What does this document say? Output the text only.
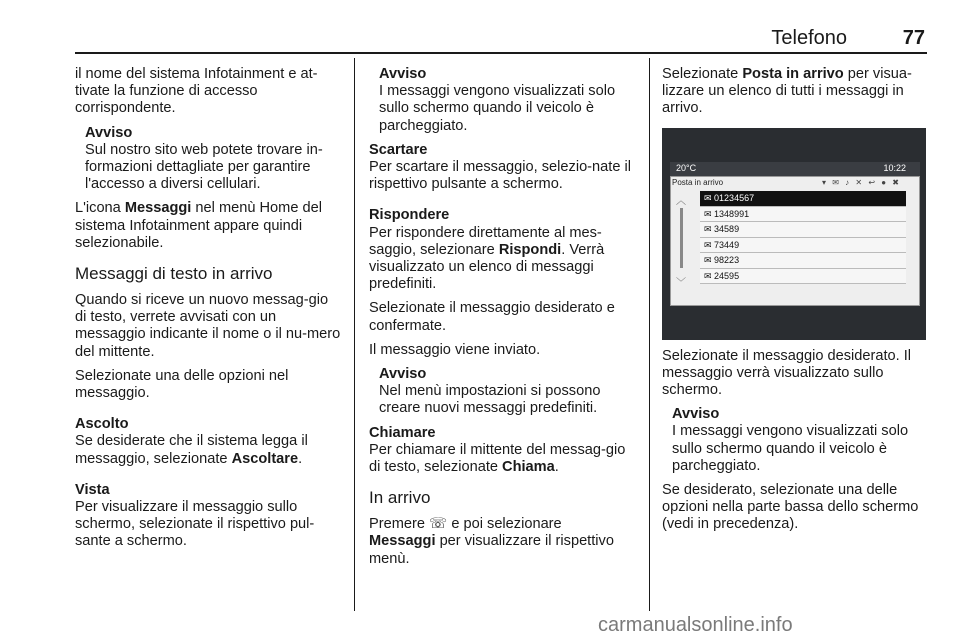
Telefono	77

il nome del sistema Infotainment e at-tivate la funzione di accesso corrispondente.

Avviso
Sul nostro sito web potete trovare in-formazioni dettagliate per garantire l'accesso a diversi cellulari.

L'icona Messaggi nel menù Home del sistema Infotainment appare quindi selezionabile.

Messaggi di testo in arrivo

Quando si riceve un nuovo messag-gio di testo, verrete avvisati con un messaggio indicante il nome o il nu-mero del mittente.

Selezionate una delle opzioni nel messaggio.

Ascolto

Se desiderate che il sistema legga il messaggio, selezionate Ascoltare.

Vista

Per visualizzare il messaggio sullo schermo, selezionate il rispettivo pul-sante a schermo.

Avviso
I messaggi vengono visualizzati solo sullo schermo quando il veicolo è parcheggiato.

Scartare

Per scartare il messaggio, selezio-nate il rispettivo pulsante a schermo.

Rispondere

Per rispondere direttamente al mes-saggio, selezionare Rispondi. Verrà visualizzato un elenco di messaggi predefiniti.

Selezionate il messaggio desiderato e confermate.

Il messaggio viene inviato.

Avviso
Nel menù impostazioni si possono creare nuovi messaggi predefiniti.

Chiamare

Per chiamare il mittente del messag-gio di testo, selezionate Chiama.

In arrivo

Premere ☏ e poi selezionare
Messaggi per visualizzare il rispettivo menù.

Selezionate Posta in arrivo per visua-lizzare un elenco di tutti i messaggi in arrivo.

Selezionate il messaggio desiderato. Il messaggio verrà visualizzato sullo schermo.

Avviso
I messaggi vengono visualizzati solo sullo schermo quando il veicolo è parcheggiato.

Se desiderato, selezionate una delle opzioni nella parte bassa dello schermo (vedi in precedenza).

20°C	10:22
Posta in arrivo	▾ ✉ ♪ ✕ ↩ ● ✖
︿
﹀
✉ 01234567
✉ 1348991
✉ 34589
✉ 73449
✉ 98223
✉ 24595
carmanualsonline.info
